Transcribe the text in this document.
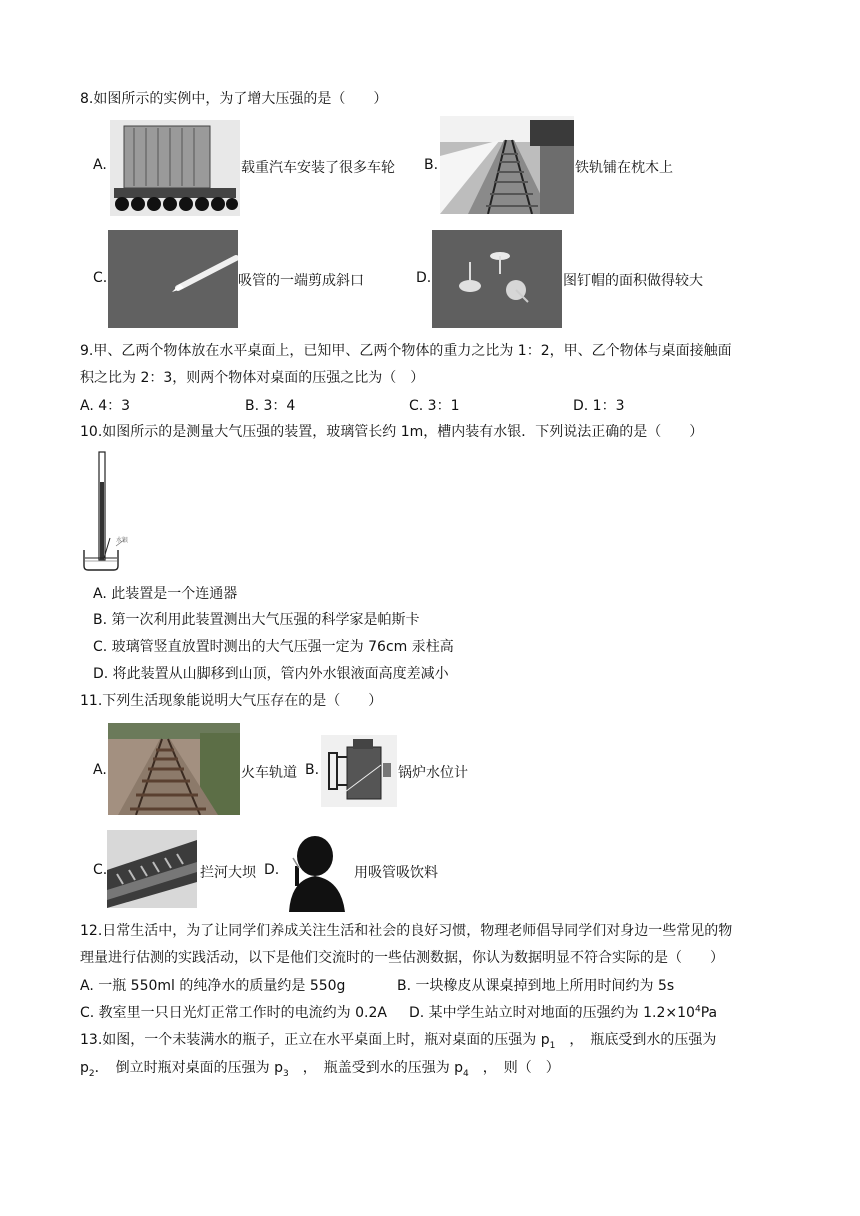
8.如图所示的实例中，为了增大压强的是（　　）
A.	载重汽车安装了很多车轮 B.	铁轨铺在枕木上
C.	吸管的一端剪成斜口	D.	图钉帽的面积做得较大
9.甲、乙两个物体放在水平桌面上，已知甲、乙两个物体的重力之比为 1：2，甲、乙个物体与桌面接触面
积之比为 2：3，则两个物体对桌面的压强之比为（　）
A. 4：3	B. 3：4	C. 3：1	D. 1：3
10.如图所示的是测量大气压强的装置，玻璃管长约 1m，槽内装有水银．下列说法正确的是（　　）
水银
A. 此装置是一个连通器
B. 第一次利用此装置测出大气压强的科学家是帕斯卡
C. 玻璃管竖直放置时测出的大气压强一定为 76cm 汞柱高
D. 将此装置从山脚移到山顶，管内外水银液面高度差减小
11.下列生活现象能说明大气压存在的是（　　）
A.	火车轨道 B.	锅炉水位计
C.	拦河大坝 D.	用吸管吸饮料
12.日常生活中，为了让同学们养成关注生活和社会的良好习惯，物理老师倡导同学们对身边一些常见的物
理量进行估测的实践活动，以下是他们交流时的一些估测数据，你认为数据明显不符合实际的是（　　）
A. 一瓶 550ml 的纯净水的质量约是 550g	B. 一块橡皮从课桌掉到地上所用时间约为 5s
C. 教室里一只日光灯正常工作时的电流约为 0.2A D. 某中学生站立时对地面的压强约为 $1.2\times 10^4Pa$
13.如图，一个未装满水的瓶子，正立在水平桌面上时，瓶对桌面的压强为 $p_1$　，　瓶底受到水的压强为
$p_2$．　倒立时瓶对桌面的压强为 $p_3$　，　瓶盖受到水的压强为 $p_4$　，　则（　）
